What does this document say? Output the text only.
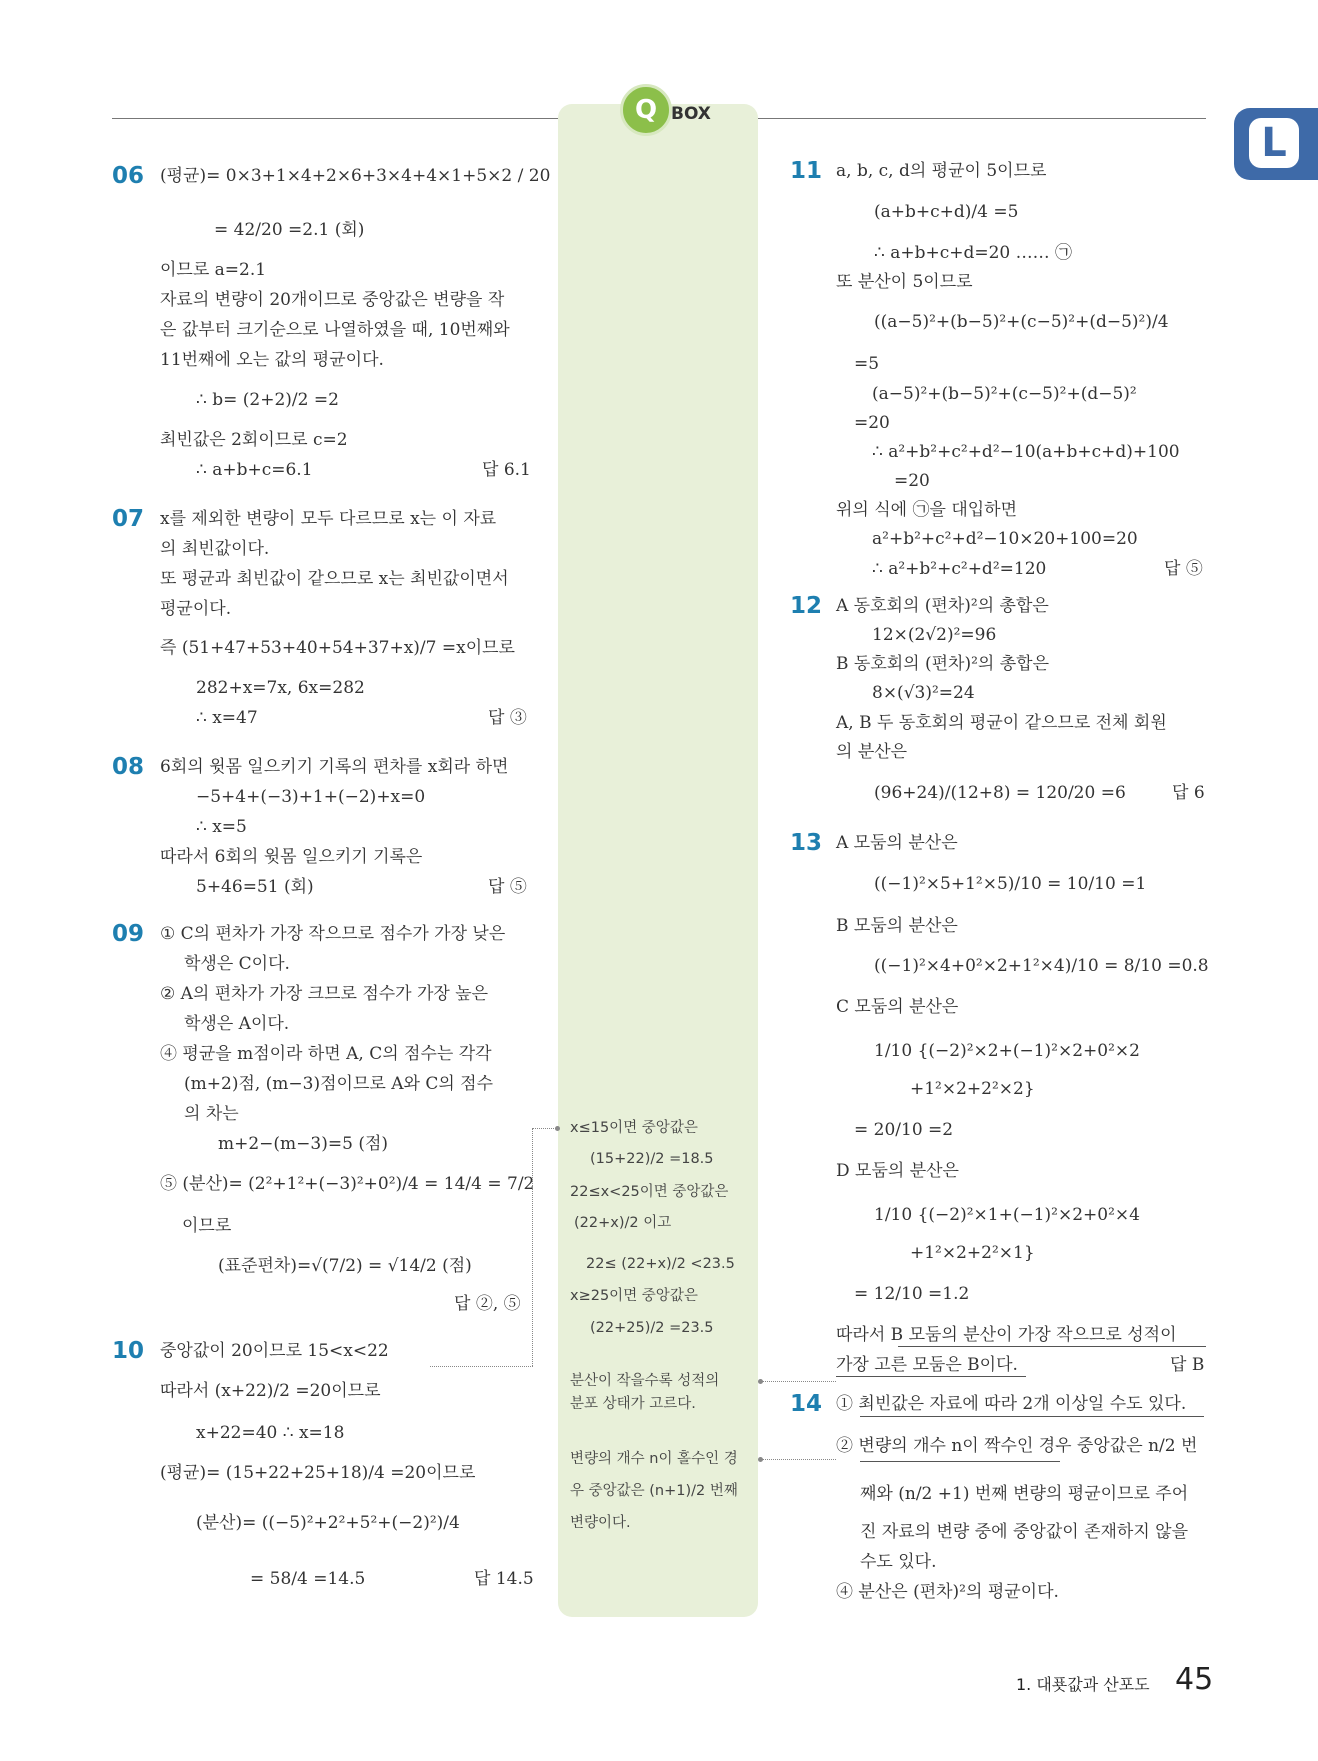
Q BOX
L
06 (평균)= 0×3+1×4+2×6+3×4+4×1+5×2 / 20
= 42/20 =2.1 (회)
이므로 a=2.1
자료의 변량이 20개이므로 중앙값은 변량을 작
은 값부터 크기순으로 나열하였을 때, 10번째와
11번째에 오는 값의 평균이다.
∴ b= (2+2)/2 =2
최빈값은 2회이므로 c=2
∴ a+b+c=6.1	답 6.1
07 x를 제외한 변량이 모두 다르므로 x는 이 자료
의 최빈값이다.
또 평균과 최빈값이 같으므로 x는 최빈값이면서
평균이다.
즉 (51+47+53+40+54+37+x)/7 =x이므로
282+x=7x, 6x=282
∴ x=47	답 ③
08 6회의 윗몸 일으키기 기록의 편차를 x회라 하면
−5+4+(−3)+1+(−2)+x=0
∴ x=5
따라서 6회의 윗몸 일으키기 기록은
5+46=51 (회)	답 ⑤
09 ① C의 편차가 가장 작으므로 점수가 가장 낮은
학생은 C이다.
② A의 편차가 가장 크므로 점수가 가장 높은
학생은 A이다.
④ 평균을 m점이라 하면 A, C의 점수는 각각
(m+2)점, (m−3)점이므로 A와 C의 점수
의 차는
m+2−(m−3)=5 (점)
⑤ (분산)= (2²+1²+(−3)²+0²)/4 = 14/4 = 7/2
이므로
(표준편차)=√(7/2) = √14/2 (점)
답 ②, ⑤
10 중앙값이 20이므로 15<x<22
따라서 (x+22)/2 =20이므로
x+22=40 ∴ x=18
(평균)= (15+22+25+18)/4 =20이므로
(분산)= ((−5)²+2²+5²+(−2)²)/4
= 58/4 =14.5	답 14.5
x≤15이면 중앙값은
(15+22)/2 =18.5
22≤x<25이면 중앙값은
(22+x)/2 이고
22≤ (22+x)/2 <23.5
x≥25이면 중앙값은
(22+25)/2 =23.5
분산이 작을수록 성적의
분포 상태가 고르다.
변량의 개수 n이 홀수인 경
우 중앙값은 (n+1)/2 번째
변량이다.
11 a, b, c, d의 평균이 5이므로
(a+b+c+d)/4 =5
∴ a+b+c+d=20 …… ㉠
또 분산이 5이므로
((a−5)²+(b−5)²+(c−5)²+(d−5)²)/4
=5
(a−5)²+(b−5)²+(c−5)²+(d−5)²
=20
∴ a²+b²+c²+d²−10(a+b+c+d)+100
=20
위의 식에 ㉠을 대입하면
a²+b²+c²+d²−10×20+100=20
∴ a²+b²+c²+d²=120	답 ⑤
12 A 동호회의 (편차)²의 총합은
12×(2√2)²=96
B 동호회의 (편차)²의 총합은
8×(√3)²=24
A, B 두 동호회의 평균이 같으므로 전체 회원
의 분산은
(96+24)/(12+8) = 120/20 =6	답 6
13 A 모둠의 분산은
((−1)²×5+1²×5)/10 = 10/10 =1
B 모둠의 분산은
((−1)²×4+0²×2+1²×4)/10 = 8/10 =0.8
C 모둠의 분산은
1/10 {(−2)²×2+(−1)²×2+0²×2
+1²×2+2²×2}
= 20/10 =2
D 모둠의 분산은
1/10 {(−2)²×1+(−1)²×2+0²×4
+1²×2+2²×1}
= 12/10 =1.2
따라서 B 모둠의 분산이 가장 작으므로 성적이
가장 고른 모둠은 B이다.	답 B
14 ① 최빈값은 자료에 따라 2개 이상일 수도 있다.
② 변량의 개수 n이 짝수인 경우 중앙값은 n/2 번
째와 (n/2 +1) 번째 변량의 평균이므로 주어
진 자료의 변량 중에 중앙값이 존재하지 않을
수도 있다.
④ 분산은 (편차)²의 평균이다.
1. 대푯값과 산포도 45
